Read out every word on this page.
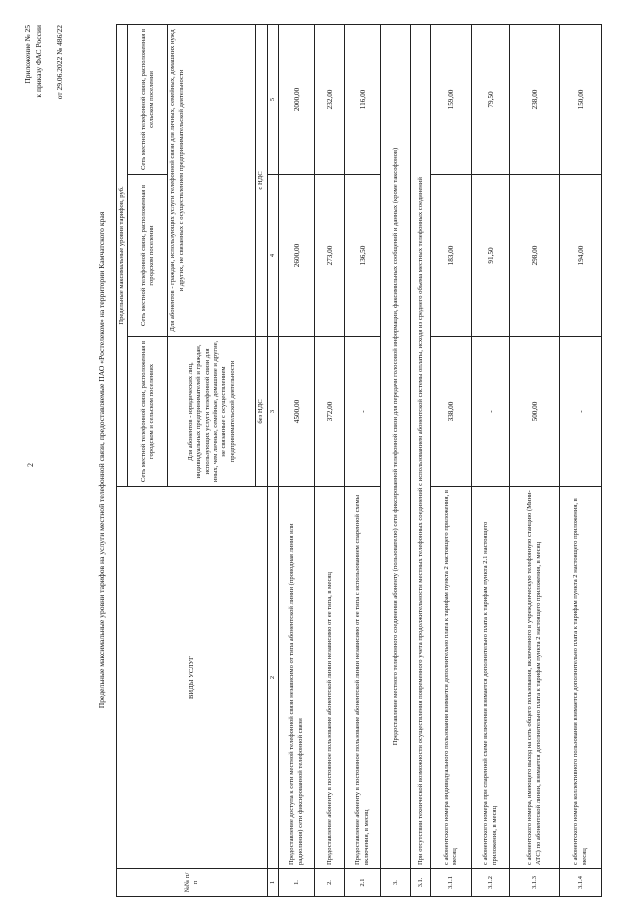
2
Приложение № 25 к приказу ФАС России от 29.06.2022 № 486/22
Предельные максимальные уровни тарифов на услуги местной телефонной связи, предоставляемые ПАО «Ростелеком» на территории Камчатского края
№№ п/п	ВИДЫ УСЛУГ	Предельные максимальные уровни тарифов, руб.		
		Сеть местной телефонной связи, расположенная в городском и сельском поселениях	Сеть местной телефонной связи, расположенная в городском поселении	Сеть местной телефонной связи, расположенная в сельском поселении
		Для абонентов - юридических лиц, индивидуальных предпринимателей и граждан, использующих услуги телефонной связи для иных, чем личные, семейные, домашние и другие, не связанные с осуществлением предпринимательской деятельности	Для абонентов - граждан, использующих услуги телефонной связи для личных, семейных, домашних нужд и других, не связанных с осуществлением предпринимательской деятельности	
		без НДС	с НДС	
1	2	3	4	5
1.	Предоставление доступа к сети местной телефонной связи независимо от типа абонентской линии (проводная линия или радиолиния) сети фиксированной телефонной связи	4500,00	2600,00	2000,00
2.	Предоставление абоненту в постоянное пользование абонентской линии независимо от ее типа, в месяц	372,00	273,00	232,00
2.1	Предоставление абоненту в постоянное пользование абонентской линии независимо от ее типа с использованием спаренной схемы включения, в месяц	-	136,50	116,00
3.	Предоставление местного телефонного соединения абоненту (пользователю) сети фиксированной телефонной связи для передачи голосовой информации, факсимильных сообщений и данных (кроме таксофонов)			
3.1.	При отсутствии технической возможности осуществления повременного учета продолжительности местных телефонных соединений с использованием абонентской системы оплаты, исходя из среднего объема местных телефонных соединений			
3.1.1	с абонентского номера индивидуального пользования взимается дополнительно плата к тарифам пункта 2 настоящего приложения, в месяц	338,00	183,00	159,00
3.1.2	с абонентского номера при спаренной схеме включения взимается дополнительно плата к тарифам пункта 2.1 настоящего приложения, в месяц	-	91,50	79,50
3.1.3	с абонентского номера, имеющего выход на сеть общего пользования, включенного в учрежденческую телефонную станцию (Мини-АТС) по абонентской линии, взимается дополнительно плата к тарифам пункта 2 настоящего приложения, в месяц	500,00	298,00	238,00
3.1.4	с абонентского номера коллективного пользования взимается дополнительно плата к тарифам пункта 2 настоящего приложения, в месяц	-	194,00	150,00
